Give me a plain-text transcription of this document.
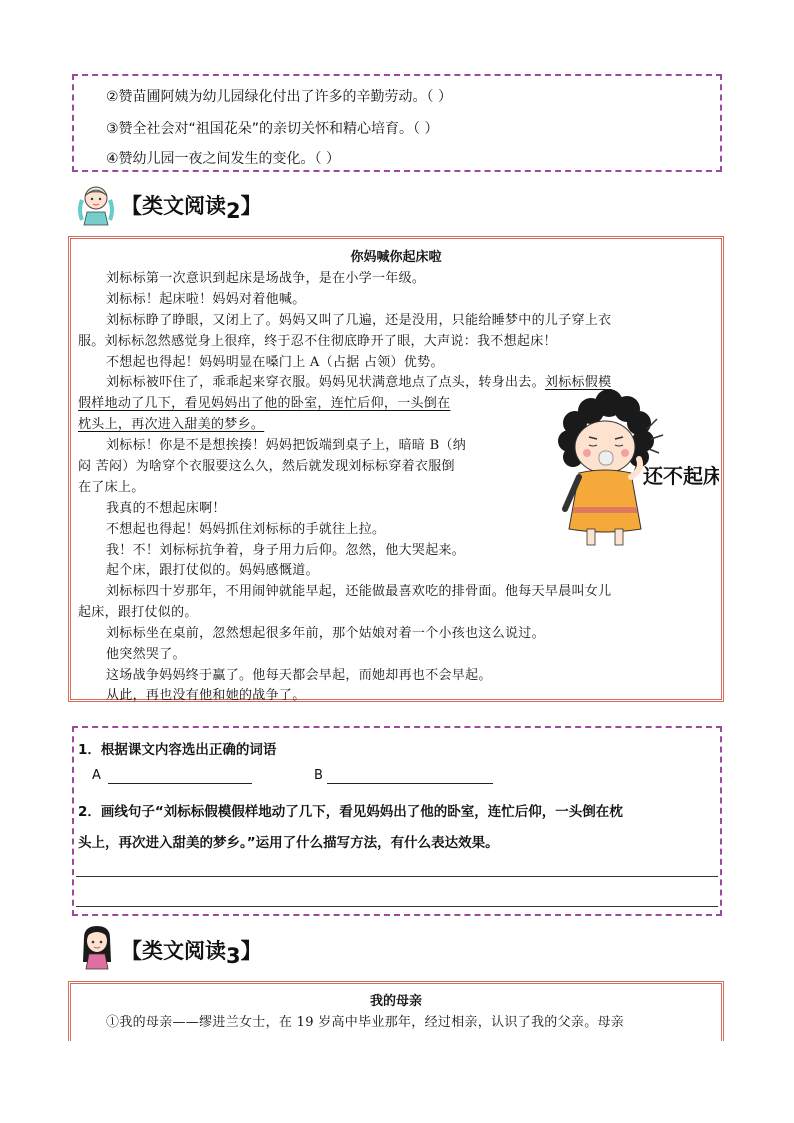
②赞苗圃阿姨为幼儿园绿化付出了许多的辛勤劳动。（ ）
③赞全社会对“祖国花朵”的亲切关怀和精心培育。（ ）
④赞幼儿园一夜之间发生的变化。（ ）
【类文阅读2】
你妈喊你起床啦
刘标标第一次意识到起床是场战争，是在小学一年级。
刘标标！起床啦！妈妈对着他喊。
刘标标睁了睁眼，又闭上了。妈妈又叫了几遍，还是没用，只能给睡梦中的儿子穿上衣
服。刘标标忽然感觉身上很痒，终于忍不住彻底睁开了眼，大声说：我不想起床！
不想起也得起！妈妈明显在嗓门上 A（占据 占领）优势。
刘标标被吓住了，乖乖起来穿衣服。妈妈见状满意地点了点头，转身出去。刘标标假模
假样地动了几下，看见妈妈出了他的卧室，连忙后仰，一头倒在
枕头上，再次进入甜美的梦乡。
刘标标！你是不是想挨揍！妈妈把饭端到桌子上，暗暗 B（纳
闷 苦闷）为啥穿个衣服要这么久，然后就发现刘标标穿着衣服倒
在了床上。
我真的不想起床啊！
不想起也得起！妈妈抓住刘标标的手就往上拉。
我！不！刘标标抗争着，身子用力后仰。忽然，他大哭起来。
起个床，跟打仗似的。妈妈感慨道。
刘标标四十岁那年，不用闹钟就能早起，还能做最喜欢吃的排骨面。他每天早晨叫女儿
起床，跟打仗似的。
刘标标坐在桌前，忽然想起很多年前，那个姑娘对着一个小孩也这么说过。
他突然哭了。
这场战争妈妈终于赢了。他每天都会早起，而她却再也不会早起。
从此，再也没有他和她的战争了。
还不起床
1．根据课文内容选出正确的词语
A	B
2．画线句子“刘标标假模假样地动了几下，看见妈妈出了他的卧室，连忙后仰，一头倒在枕
头上，再次进入甜美的梦乡。”运用了什么描写方法，有什么表达效果。
【类文阅读3】
我的母亲
①我的母亲——缪进兰女士，在 19 岁高中毕业那年，经过相亲，认识了我的父亲。母亲
